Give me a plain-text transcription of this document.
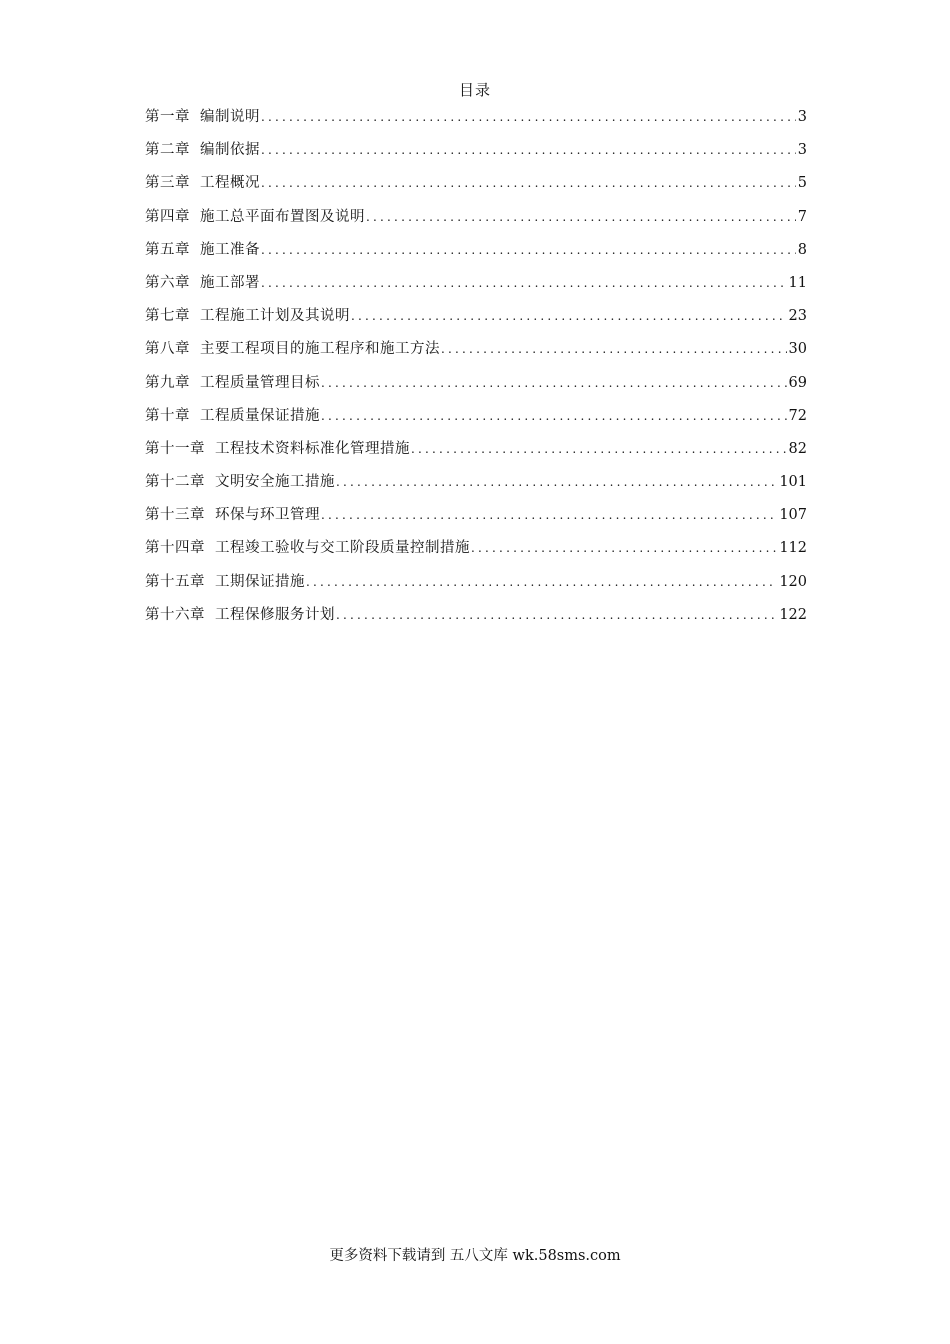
目录
第一章 编制说明 .....	3
第二章 编制依据 .....	3
第三章 工程概况 .....	5
第四章 施工总平面布置图及说明 .....	7
第五章 施工准备 .....	8
第六章 施工部署 .....	11
第七章 工程施工计划及其说明 .....	23
第八章 主要工程项目的施工程序和施工方法 .....	30
第九章 工程质量管理目标 .....	69
第十章 工程质量保证措施 .....	72
第十一章 工程技术资料标准化管理措施 .....	82
第十二章 文明安全施工措施 .....	101
第十三章 环保与环卫管理 .....	107
第十四章 工程竣工验收与交工阶段质量控制措施 .....	112
第十五章 工期保证措施 .....	120
第十六章 工程保修服务计划 .....	122
更多资料下载请到 五八文库 wk.58sms.com
